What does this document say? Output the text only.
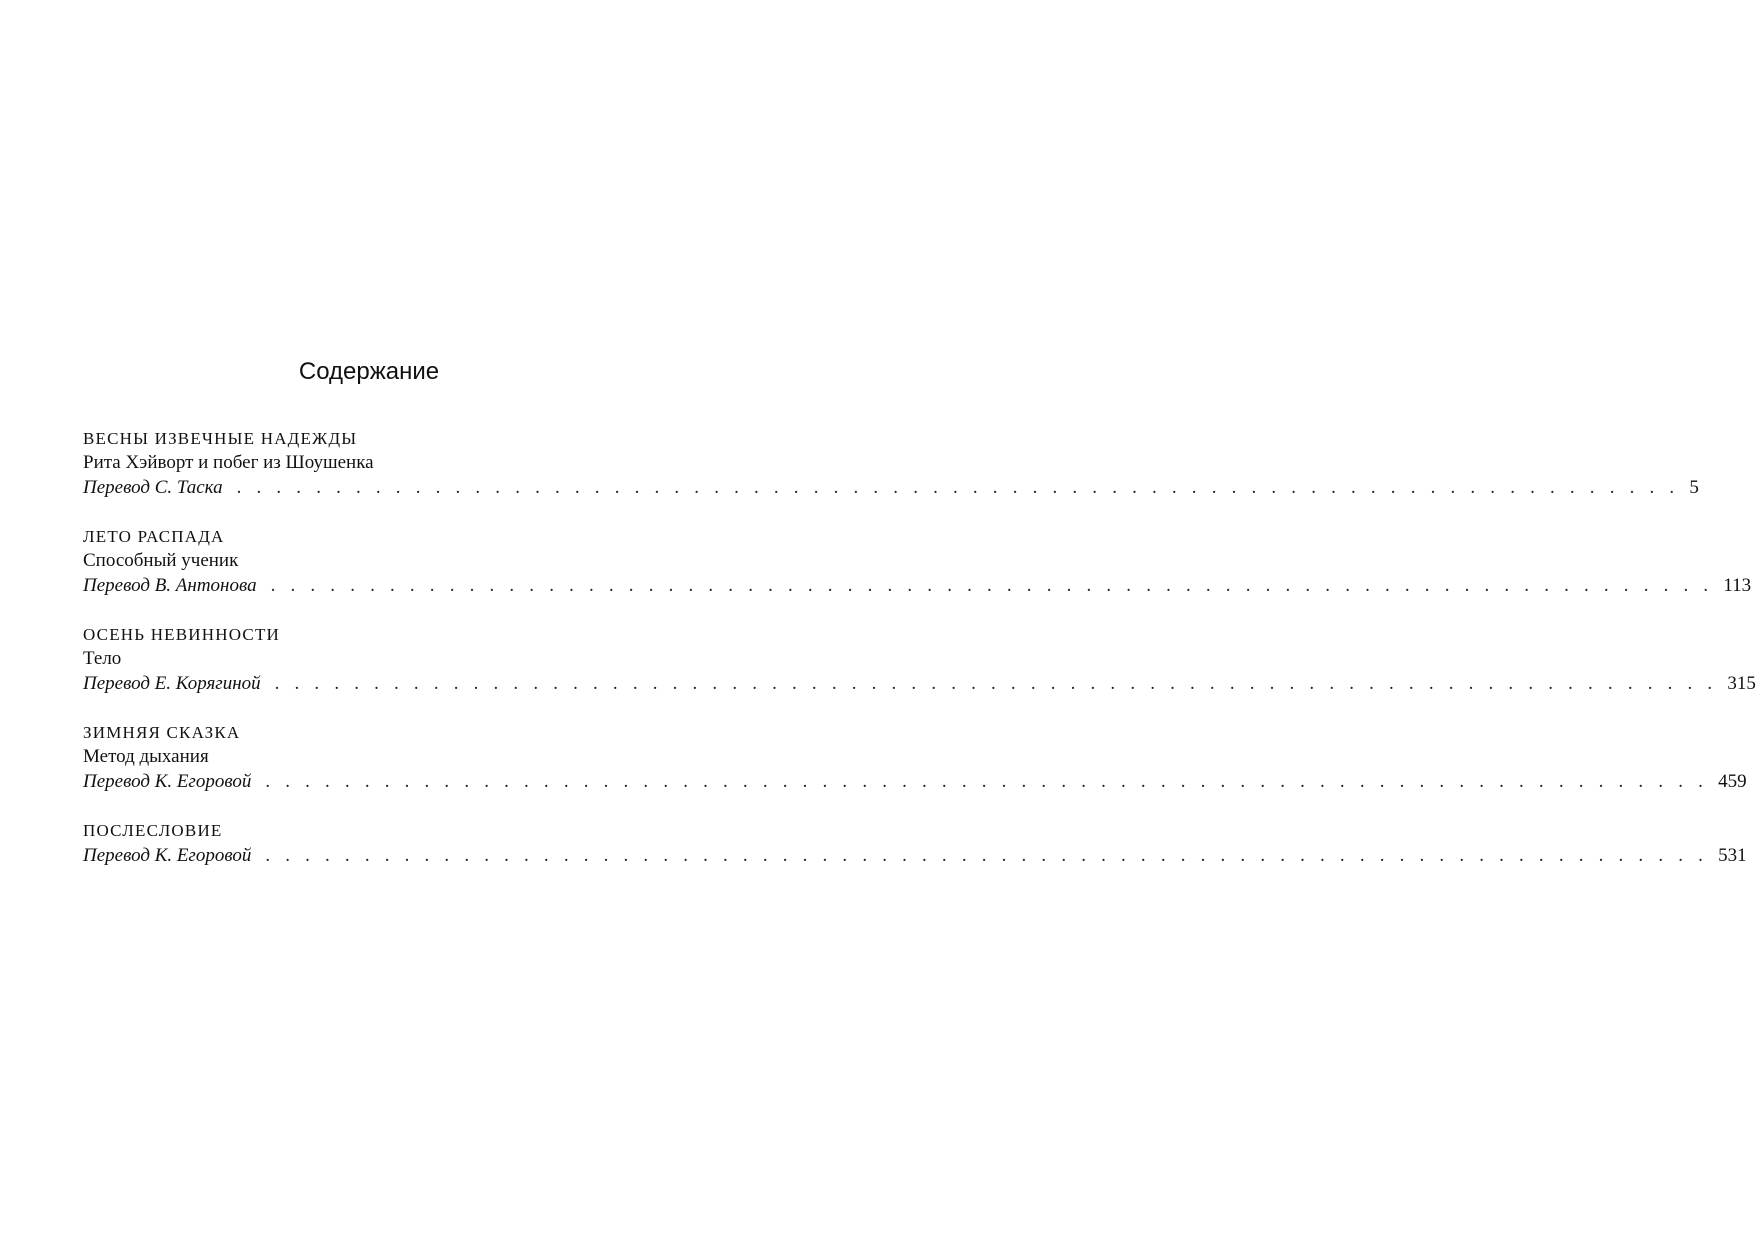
Содержание
ВЕСНЫ ИЗВЕЧНЫЕ НАДЕЖДЫ
Рита Хэйворт и побег из Шоушенка
Перевод С. Таска . . . . . . . . . . . . . . . . . . . . . . . . . . . . . . . . . . . . . . . . . . . . . . . . . . . . . . . . . . . . . . . . . . . . . . . . . 5
ЛЕТО РАСПАДА
Способный ученик
Перевод В. Антонова . . . . . . . . . . . . . . . . . . . . . . . . . . . . . . . . . . . . . . . . . . . . . . . . . . . . . . . . . . . . . . . . . . . . . . . . . 113
ОСЕНЬ НЕВИННОСТИ
Тело
Перевод Е. Корягиной . . . . . . . . . . . . . . . . . . . . . . . . . . . . . . . . . . . . . . . . . . . . . . . . . . . . . . . . . . . . . . . . . . . . . . . . . 315
ЗИМНЯЯ СКАЗКА
Метод дыхания
Перевод К. Егоровой . . . . . . . . . . . . . . . . . . . . . . . . . . . . . . . . . . . . . . . . . . . . . . . . . . . . . . . . . . . . . . . . . . . . . . . . . 459
ПОСЛЕСЛОВИЕ
Перевод К. Егоровой . . . . . . . . . . . . . . . . . . . . . . . . . . . . . . . . . . . . . . . . . . . . . . . . . . . . . . . . . . . . . . . . . . . . . . . . . 531
